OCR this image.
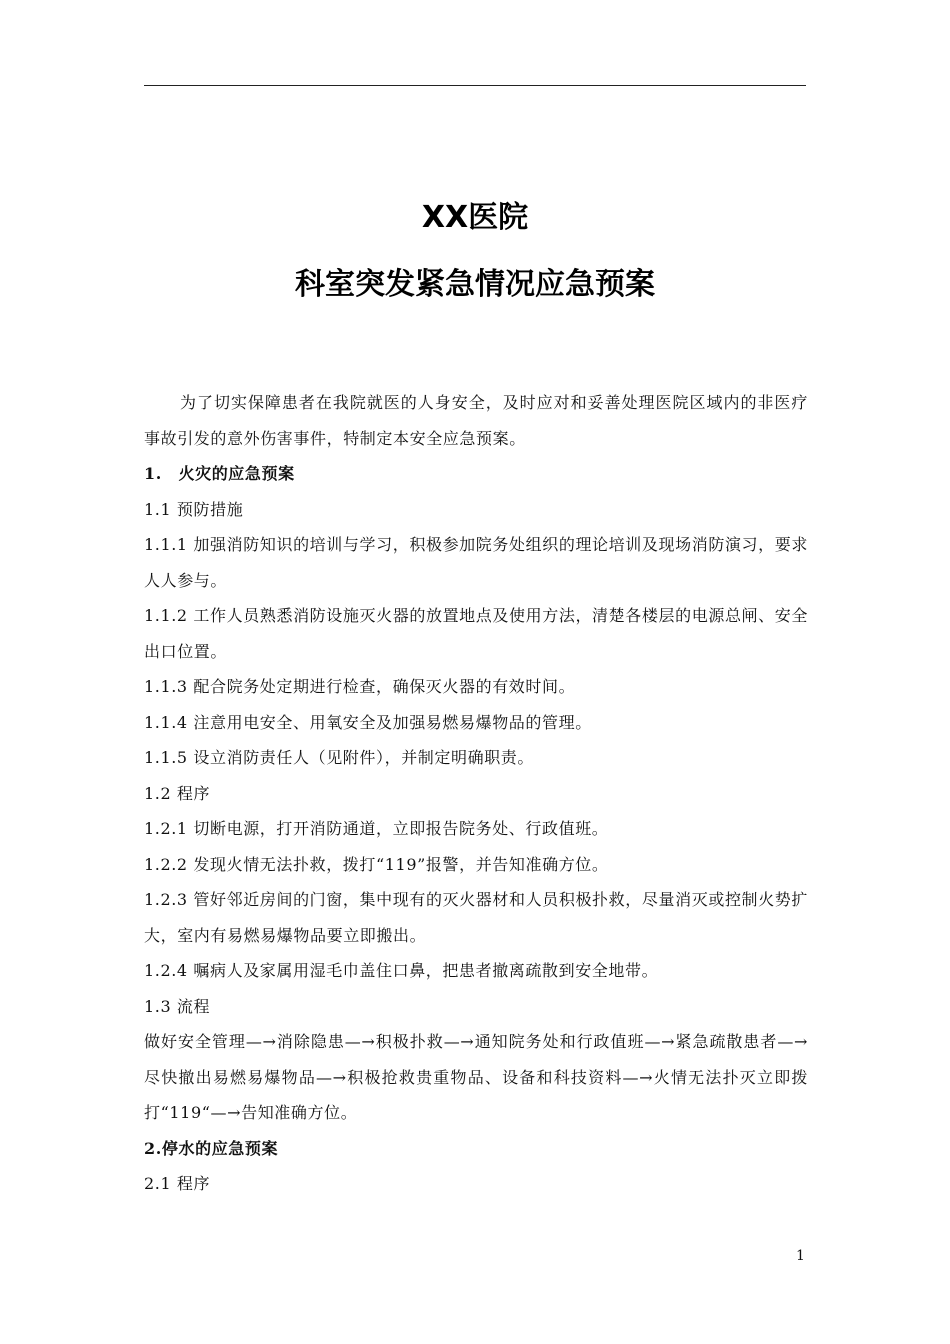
XX医院
科室突发紧急情况应急预案

为了切实保障患者在我院就医的人身安全，及时应对和妥善处理医院区域内的非医疗事故引发的意外伤害事件，特制定本安全应急预案。

1.　火灾的应急预案

1.1 预防措施

1.1.1 加强消防知识的培训与学习，积极参加院务处组织的理论培训及现场消防演习，要求人人参与。

1.1.2 工作人员熟悉消防设施灭火器的放置地点及使用方法，清楚各楼层的电源总闸、安全出口位置。

1.1.3 配合院务处定期进行检查，确保灭火器的有效时间。

1.1.4 注意用电安全、用氧安全及加强易燃易爆物品的管理。

1.1.5 设立消防责任人（见附件），并制定明确职责。

1.2 程序

1.2.1 切断电源，打开消防通道，立即报告院务处、行政值班。

1.2.2 发现火情无法扑救，拨打“119”报警，并告知准确方位。

1.2.3 管好邻近房间的门窗，集中现有的灭火器材和人员积极扑救，尽量消灭或控制火势扩大，室内有易燃易爆物品要立即搬出。

1.2.4 嘱病人及家属用湿毛巾盖住口鼻，把患者撤离疏散到安全地带。

1.3 流程

做好安全管理—→消除隐患—→积极扑救—→通知院务处和行政值班—→紧急疏散患者—→尽快撤出易燃易爆物品—→积极抢救贵重物品、设备和科技资料—→火情无法扑灭立即拨打“119“—→告知准确方位。

2.停水的应急预案

2.1 程序

1
